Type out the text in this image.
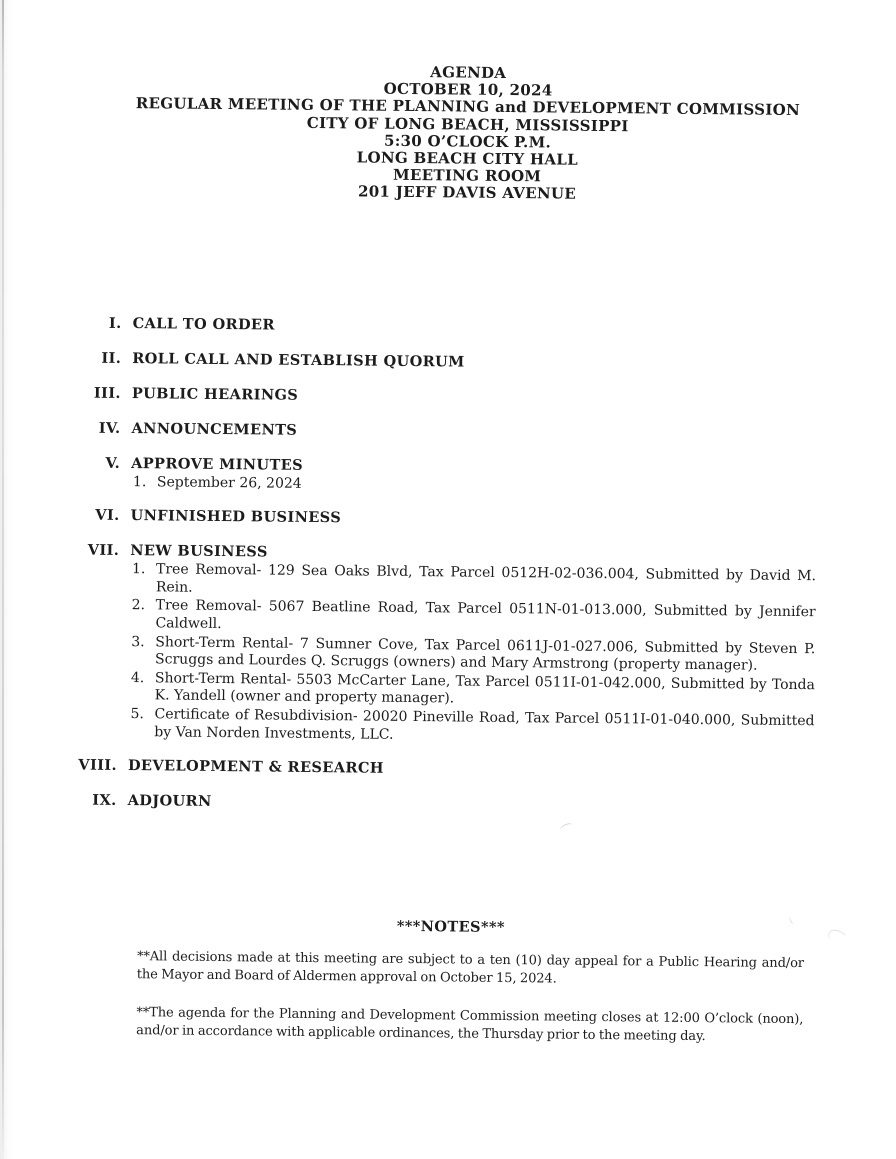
AGENDA
OCTOBER 10, 2024
REGULAR MEETING OF THE PLANNING and DEVELOPMENT COMMISSION
CITY OF LONG BEACH, MISSISSIPPI
5:30 O’CLOCK P.M.
LONG BEACH CITY HALL
MEETING ROOM
201 JEFF DAVIS AVENUE
I. CALL TO ORDER
II. ROLL CALL AND ESTABLISH QUORUM
III. PUBLIC HEARINGS
IV. ANNOUNCEMENTS
V. APPROVE MINUTES
1. September 26, 2024
VI. UNFINISHED BUSINESS
VII. NEW BUSINESS
1. Tree Removal- 129 Sea Oaks Blvd, Tax Parcel 0512H-02-036.004, Submitted by David M. Rein.
2. Tree Removal- 5067 Beatline Road, Tax Parcel 0511N-01-013.000, Submitted by Jennifer Caldwell.
3. Short-Term Rental- 7 Sumner Cove, Tax Parcel 0611J-01-027.006, Submitted by Steven P. Scruggs and Lourdes Q. Scruggs (owners) and Mary Armstrong (property manager).
4. Short-Term Rental- 5503 McCarter Lane, Tax Parcel 0511I-01-042.000, Submitted by Tonda K. Yandell (owner and property manager).
5. Certificate of Resubdivision- 20020 Pineville Road, Tax Parcel 0511I-01-040.000, Submitted by Van Norden Investments, LLC.
VIII. DEVELOPMENT & RESEARCH
IX. ADJOURN
***NOTES***

**All decisions made at this meeting are subject to a ten (10) day appeal for a Public Hearing and/or the Mayor and Board of Aldermen approval on October 15, 2024.

**The agenda for the Planning and Development Commission meeting closes at 12:00 O’clock (noon), and/or in accordance with applicable ordinances, the Thursday prior to the meeting day.
